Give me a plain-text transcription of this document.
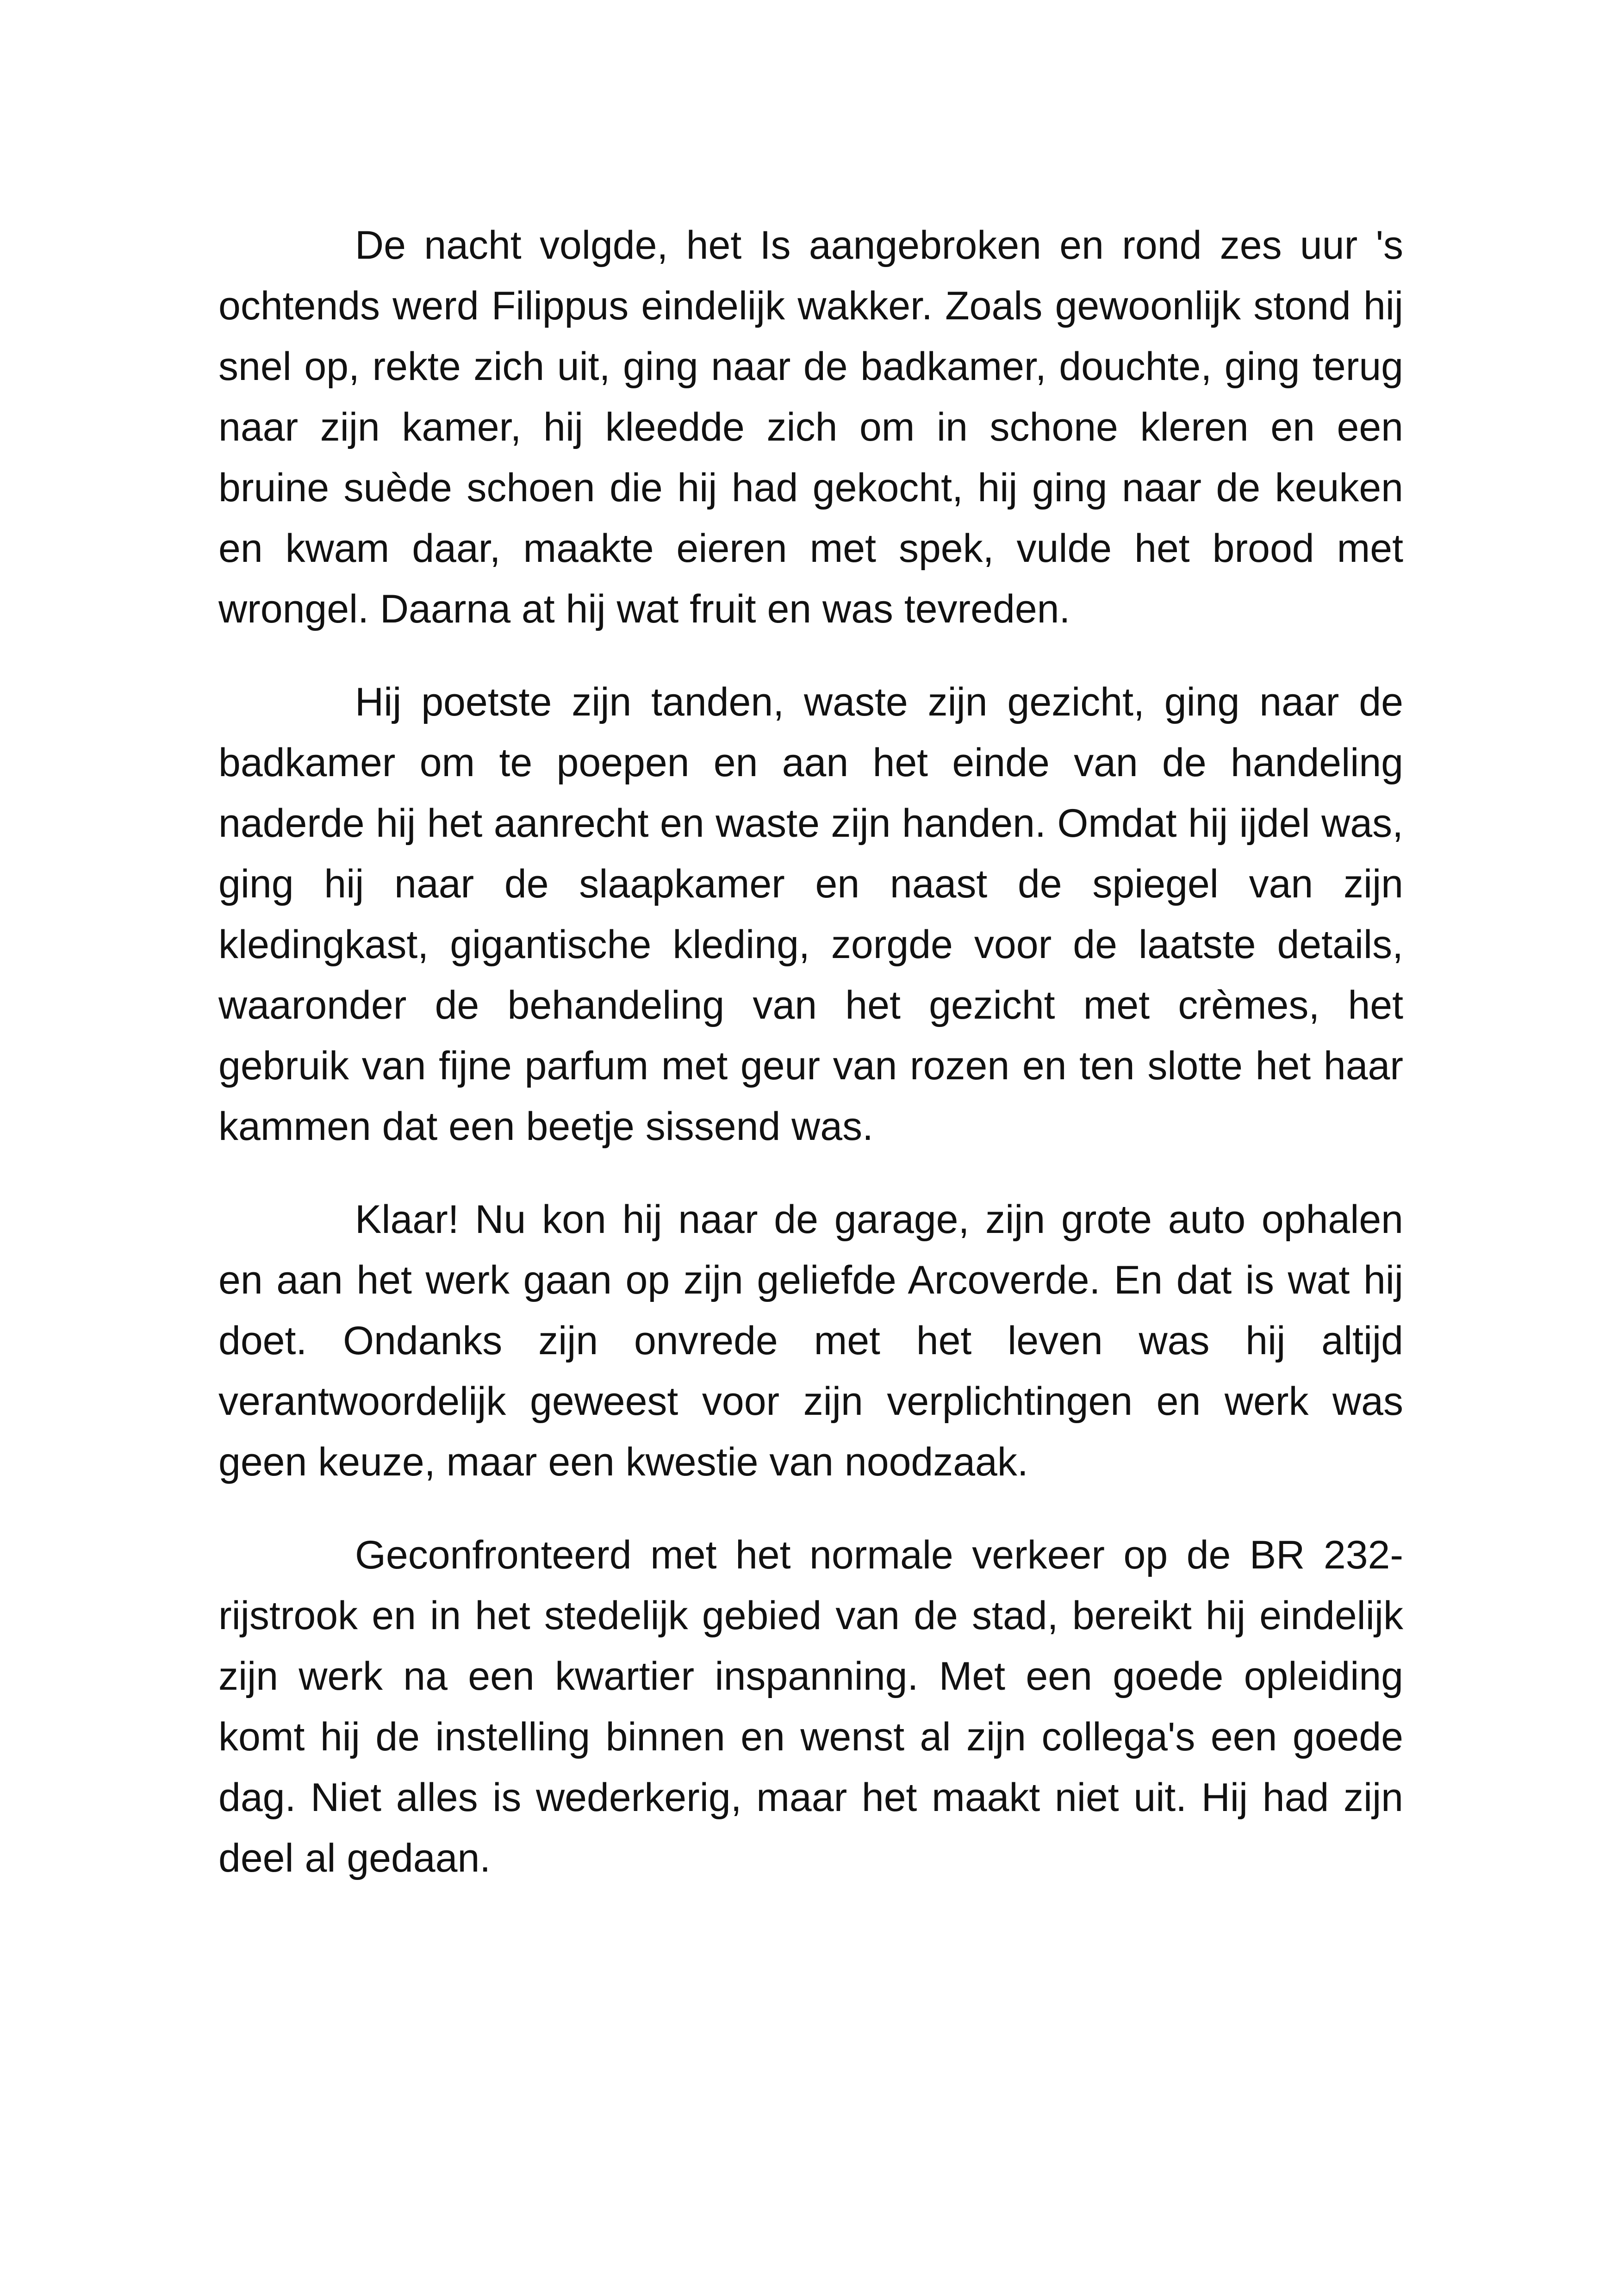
De nacht volgde, het Is aangebroken en rond zes uur 's ochtends werd Filippus eindelijk wakker. Zoals gewoonlijk stond hij snel op, rekte zich uit, ging naar de badkamer, douchte, ging terug naar zijn kamer, hij kleedde zich om in schone kleren en een bruine suède schoen die hij had gekocht, hij ging naar de keuken en kwam daar, maakte eieren met spek, vulde het brood met wrongel. Daarna at hij wat fruit en was tevreden.

Hij poetste zijn tanden, waste zijn gezicht, ging naar de badkamer om te poepen en aan het einde van de handeling naderde hij het aanrecht en waste zijn handen. Omdat hij ijdel was, ging hij naar de slaapkamer en naast de spiegel van zijn kledingkast, gigantische kleding, zorgde voor de laatste details, waaronder de behandeling van het gezicht met crèmes, het gebruik van fijne parfum met geur van rozen en ten slotte het haar kammen dat een beetje sissend was.

Klaar! Nu kon hij naar de garage, zijn grote auto ophalen en aan het werk gaan op zijn geliefde Arcoverde. En dat is wat hij doet. Ondanks zijn onvrede met het leven was hij altijd verantwoordelijk geweest voor zijn verplichtingen en werk was geen keuze, maar een kwestie van noodzaak.

Geconfronteerd met het normale verkeer op de BR 232-rijstrook en in het stedelijk gebied van de stad, bereikt hij eindelijk zijn werk na een kwartier inspanning. Met een goede opleiding komt hij de instelling binnen en wenst al zijn collega's een goede dag. Niet alles is wederkerig, maar het maakt niet uit. Hij had zijn deel al gedaan.
